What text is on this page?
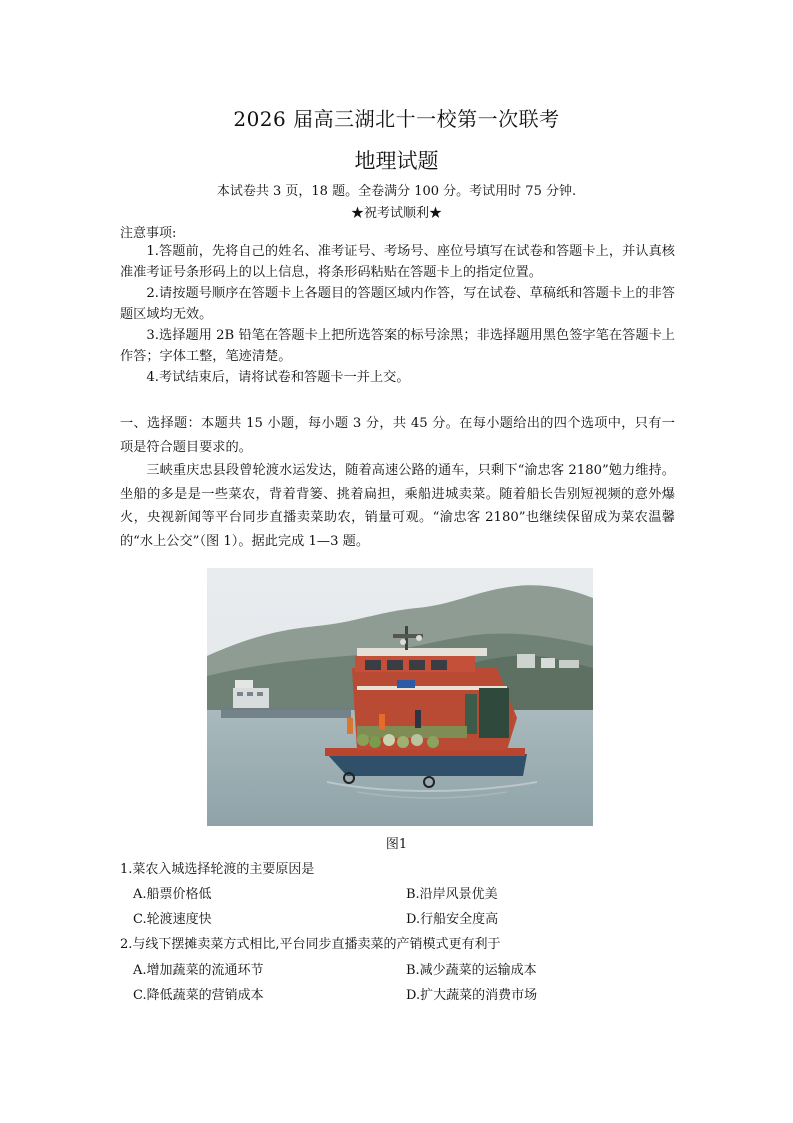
2026 届高三湖北十一校第一次联考
地理试题
本试卷共 3 页，18 题。全卷满分 100 分。考试用时 75 分钟.
★祝考试顺利★
注意事项:

1.答题前，先将自己的姓名、准考证号、考场号、座位号填写在试卷和答题卡上，并认真核准准考证号条形码上的以上信息，将条形码粘贴在答题卡上的指定位置。

2.请按题号顺序在答题卡上各题目的答题区域内作答，写在试卷、草稿纸和答题卡上的非答题区域均无效。

3.选择题用 2B 铅笔在答题卡上把所选答案的标号涂黑；非选择题用黑色签字笔在答题卡上作答；字体工整，笔迹清楚。

4.考试结束后，请将试卷和答题卡一并上交。

一、选择题：本题共 15 小题，每小题 3 分，共 45 分。在每小题给出的四个选项中，只有一项是符合题目要求的。

三峡重庆忠县段曾轮渡水运发达，随着高速公路的通车，只剩下“渝忠客 2180”勉力维持。坐船的多是是一些菜农，背着背篓、挑着扁担，乘船进城卖菜。随着船长告别短视频的意外爆火，央视新闻等平台同步直播卖菜助农，销量可观。“渝忠客 2180”也继续保留成为菜农温馨的“水上公交”（图 1）。据此完成 1—3 题。

图1
1.菜农入城选择轮渡的主要原因是
A.船票价格低	B.沿岸风景优美
C.轮渡速度快	D.行船安全度高
2.与线下摆摊卖菜方式相比,平台同步直播卖菜的产销模式更有利于
A.增加蔬菜的流通环节	B.减少蔬菜的运输成本
C.降低蔬菜的营销成本	D.扩大蔬菜的消费市场
